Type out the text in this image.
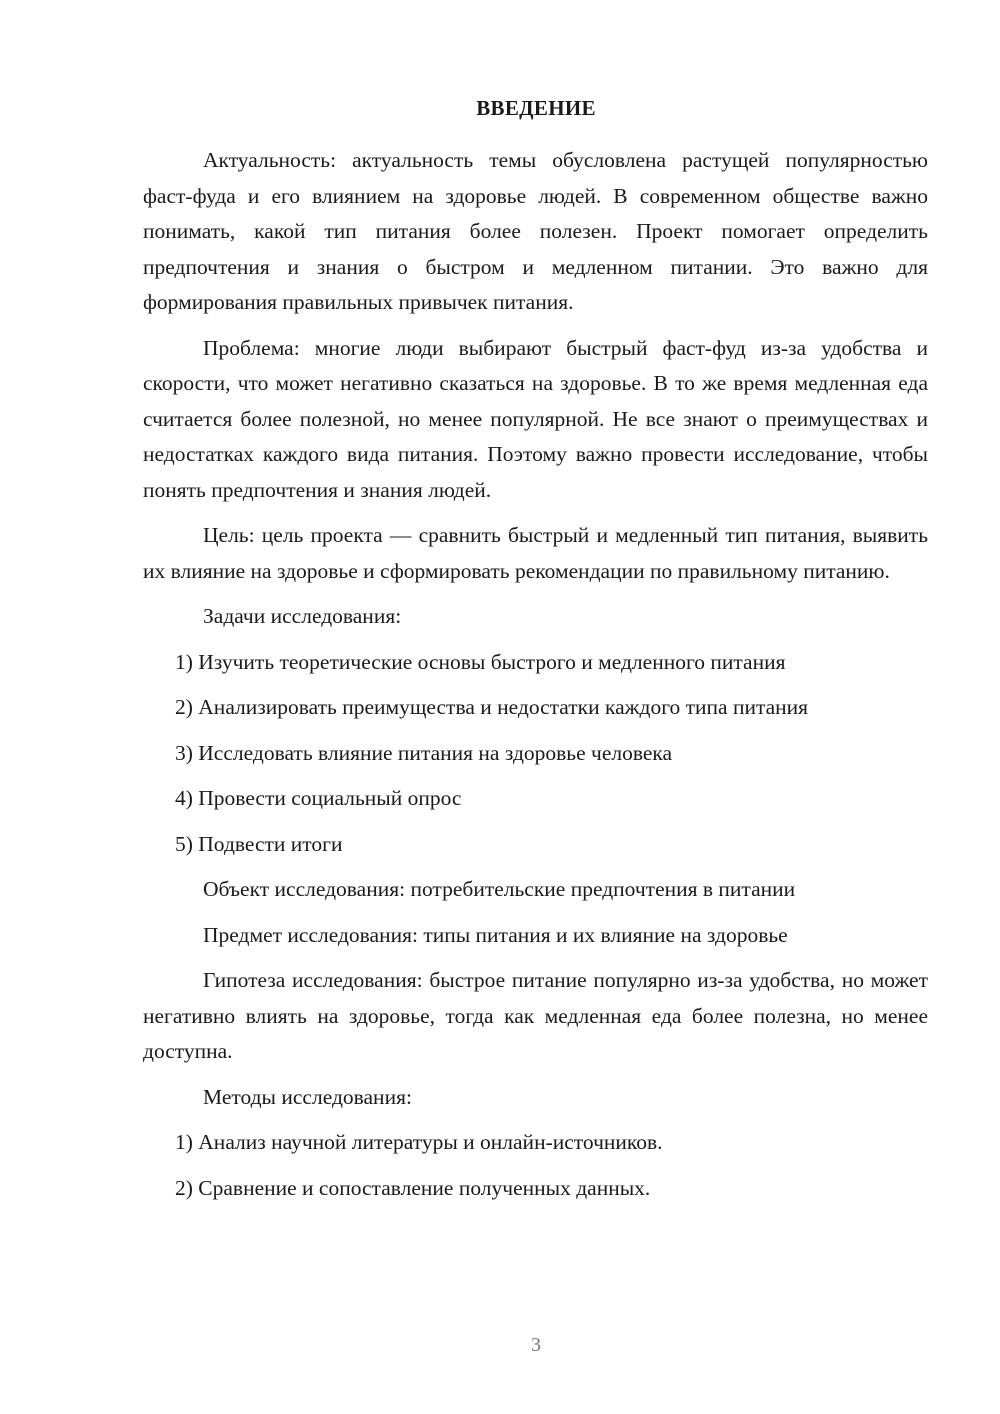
ВВЕДЕНИЕ

Актуальность: актуальность темы обусловлена растущей популярностью фаст-фуда и его влиянием на здоровье людей. В современном обществе важно понимать, какой тип питания более полезен. Проект помогает определить предпочтения и знания о быстром и медленном питании. Это важно для формирования правильных привычек питания.

Проблема: многие люди выбирают быстрый фаст-фуд из-за удобства и скорости, что может негативно сказаться на здоровье. В то же время медленная еда считается более полезной, но менее популярной. Не все знают о преимуществах и недостатках каждого вида питания. Поэтому важно провести исследование, чтобы понять предпочтения и знания людей.

Цель: цель проекта — сравнить быстрый и медленный тип питания, выявить их влияние на здоровье и сформировать рекомендации по правильному питанию.

Задачи исследования:

1) Изучить теоретические основы быстрого и медленного питания

2) Анализировать преимущества и недостатки каждого типа питания

3) Исследовать влияние питания на здоровье человека

4) Провести социальный опрос

5) Подвести итоги

Объект исследования: потребительские предпочтения в питании

Предмет исследования: типы питания и их влияние на здоровье

Гипотеза исследования: быстрое питание популярно из-за удобства, но может негативно влиять на здоровье, тогда как медленная еда более полезна, но менее доступна.

Методы исследования:

1) Анализ научной литературы и онлайн-источников.

2) Сравнение и сопоставление полученных данных.

3
